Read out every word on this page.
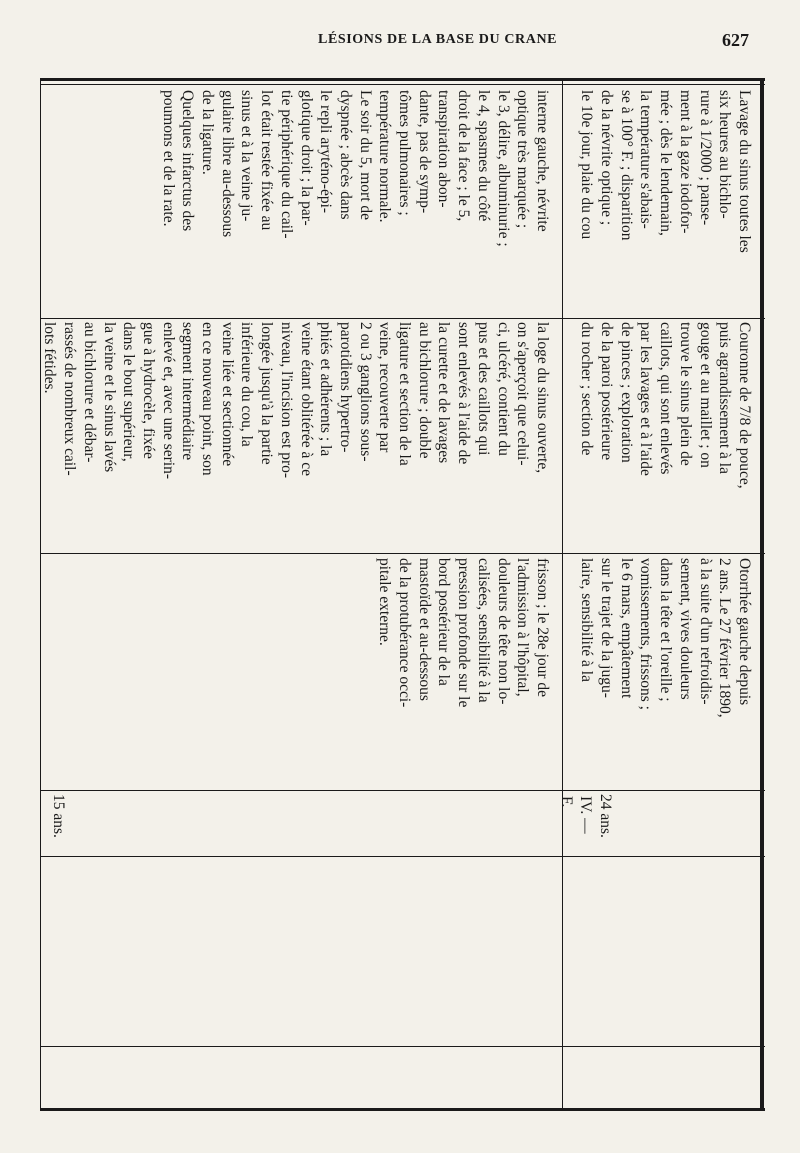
LÉSIONS DE LA BASE DU CRANE	627
interne gauche, névrite
optique très marquée ;
le 3, délire, albuminurie ;
le 4, spasmes du côté
droit de la face ; le 5,
transpiration abon-
dante, pas de symp-
tômes pulmonaires ;
température normale.
Le soir du 5, mort de
dyspnée ; abcès dans
le repli aryténo-épi-
glotique droit ; la par-
tie périphérique du cail-
lot était restée fixée au
sinus et à la veine ju-
gulaire libre au-dessous
de la ligature.
Quelques infarctus des
poumons et de la rate.
la loge du sinus ouverte,
on s'aperçoit que celui-
ci, ulcéré, contient du
pus et des caillots qui
sont enlevés à l'aide de
la curette et de lavages
au bichlorure ; double
ligature et section de la
veine, recouverte par
2 ou 3 ganglions sous-
parotidiens hypertro-
phiés et adhérents ; la
veine étant oblitérée à ce
niveau, l'incision est pro-
longée jusqu'à la partie
inférieure du cou, la
veine liée et sectionnée
en ce nouveau point, son
segment intermédiaire
enlevé et, avec une serin-
gue à hydrocèle, fixée
dans le bout supérieur,
la veine et le sinus lavés
au bichlorure et débar-
rassés de nombreux cail-
lots fétides.
frisson ; le 28e jour de
l'admission à l'hôpital,
douleurs de tête non lo-
calisées, sensibilité à la
pression profonde sur le
bord postérieur de la
mastoïde et au-dessous
de la protubérance occi-
pitale externe.
15 ans.
Lavage du sinus toutes les
six heures au bichlo-
rure à 1/2000 ; panse-
ment à la gaze iodofor-
mée ; dès le lendemain,
la température s'abais-
se à 100° F. ; disparition
de la névrite optique ;
le 10e jour, plaie du cou
Couronne de 7/8 de pouce,
puis agrandissement à la
gouge et au maillet ; on
trouve le sinus plein de
caillots, qui sont enlevés
par les lavages et à l'aide
de pinces ; exploration
de la paroi postérieure
du rocher ; section de
Otorrhée gauche depuis
2 ans. Le 27 février 1890,
à la suite d'un refroidis-
sement, vives douleurs
dans la tête et l'oreille ;
vomissements, frissons ;
le 6 mars, empâtement
sur le trajet de la jugu-
laire, sensibilité à la
24 ans.
IV. —
F.
